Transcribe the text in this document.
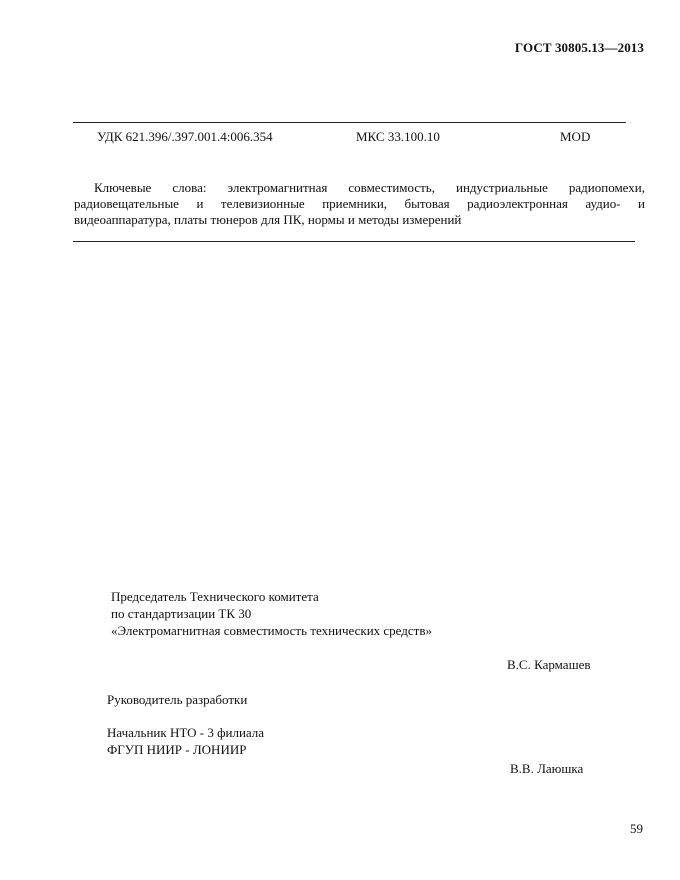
ГОСТ 30805.13—2013
УДК 621.396/.397.001.4:006.354	МКС 33.100.10	MOD

Ключевые слова: электромагнитная совместимость, индустриальные радиопомехи, радиовещательные и телевизионные приемники, бытовая радиоэлектронная аудио- и видеоаппаратура, платы тюнеров для ПК, нормы и методы измерений

Председатель Технического комитета
по стандартизации ТК 30
«Электромагнитная совместимость технических средств»
В.С. Кармашев
Руководитель разработки
Начальник НТО - 3 филиала
ФГУП НИИР - ЛОНИИР
В.В. Лаюшка
59
